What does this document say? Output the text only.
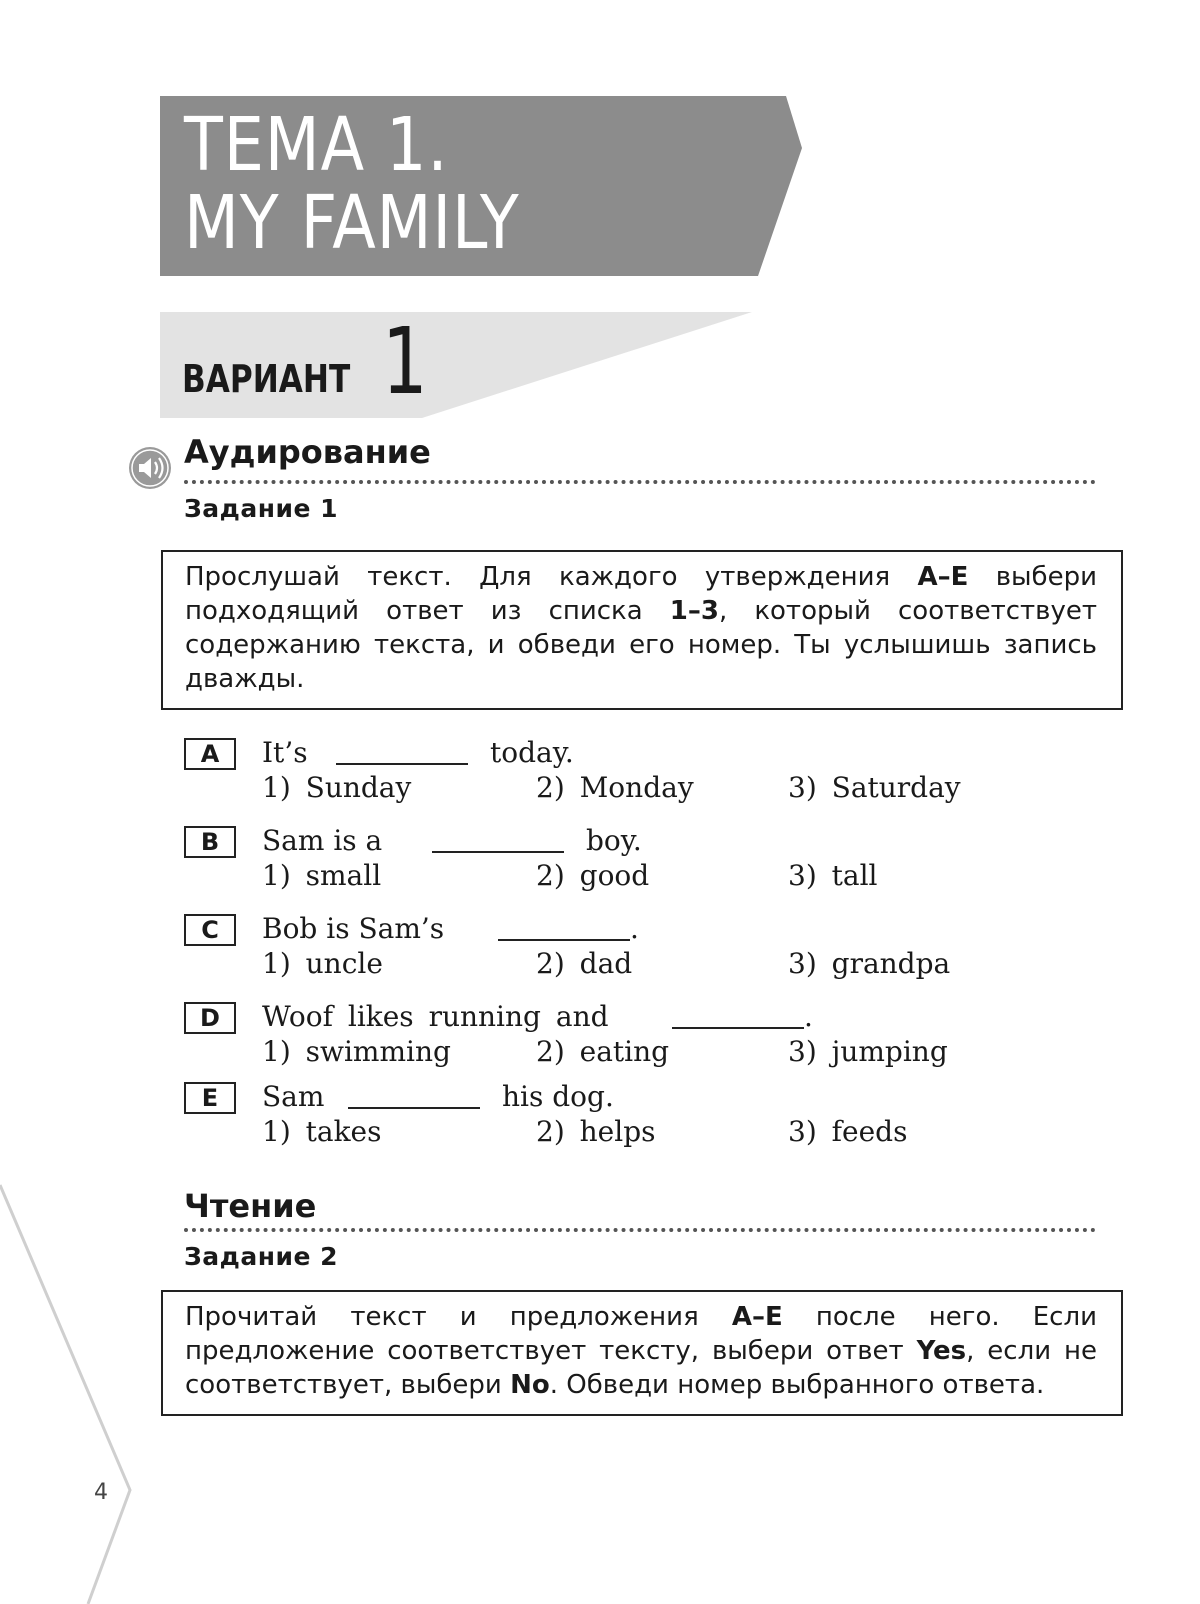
ТЕМА 1.
MY FAMILY
ВАРИАНТ 1
Аудирование
Задание 1
Прослушай текст. Для каждого утверждения А–Е выбери подходящий ответ из списка 1–3, который соответствует содержанию текста, и обведи его номер. Ты услышишь запись дважды.
A	It’s	today.
1) Sunday	2) Monday	3) Saturday
B	Sam is a	boy.
1) small	2) good	3) tall
C	Bob is Sam’s	.
1) uncle	2) dad	3) grandpa
D	Woof likes running and	.
1) swimming	2) eating	3) jumping
E	Sam	his dog.
1) takes	2) helps	3) feeds
Чтение
Задание 2
Прочитай текст и предложения А–Е после него. Если предложение соответствует тексту, выбери ответ Yes, если не соответствует, выбери No. Обведи номер выбранного ответа.
4
